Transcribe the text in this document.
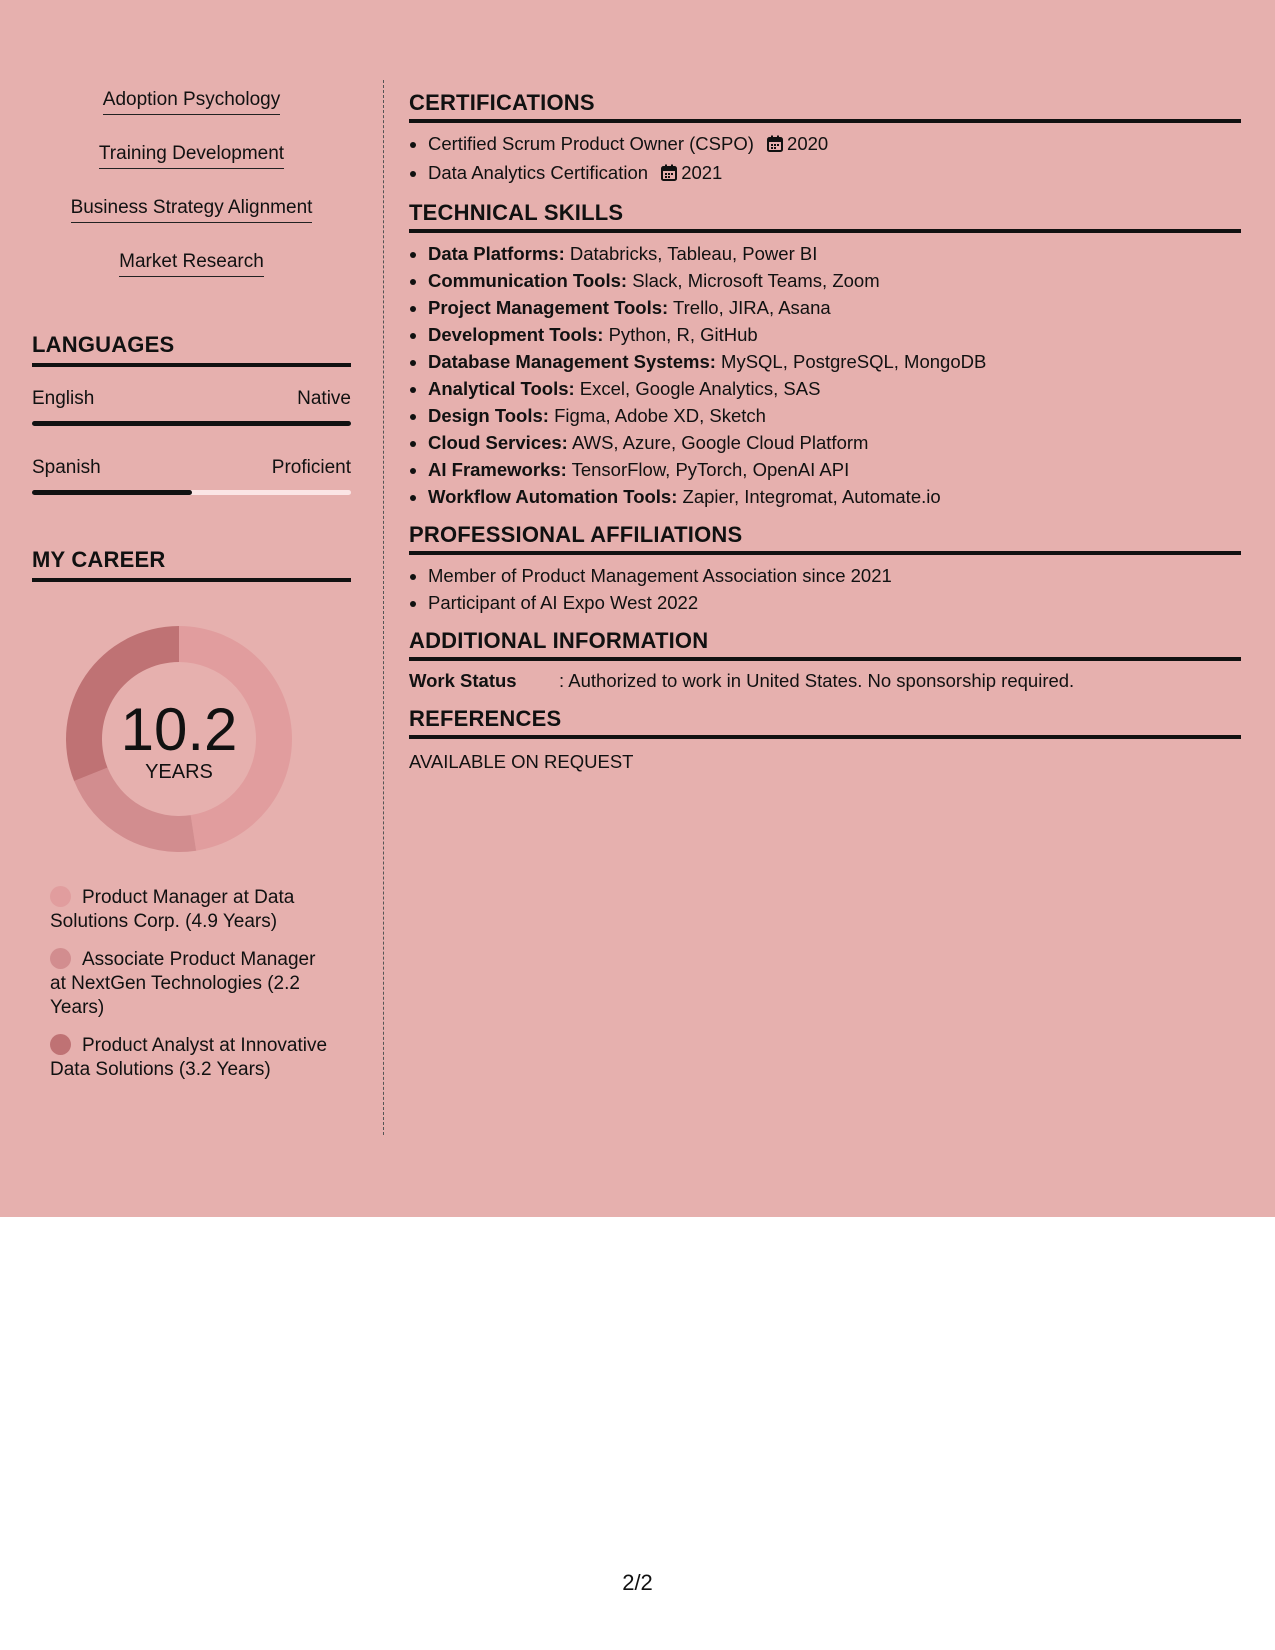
Adoption Psychology
Training Development
Business Strategy Alignment
Market Research
LANGUAGES
English	Native
Spanish	Proficient
MY CAREER
10.2
YEARS
Product Manager at Data Solutions Corp. (4.9 Years)
Associate Product Manager at NextGen Technologies (2.2 Years)
Product Analyst at Innovative Data Solutions (3.2 Years)
CERTIFICATIONS
• Certified Scrum Product Owner (CSPO) 2020
• Data Analytics Certification 2021
TECHNICAL SKILLS
• Data Platforms: Databricks, Tableau, Power BI
• Communication Tools: Slack, Microsoft Teams, Zoom
• Project Management Tools: Trello, JIRA, Asana
• Development Tools: Python, R, GitHub
• Database Management Systems: MySQL, PostgreSQL, MongoDB
• Analytical Tools: Excel, Google Analytics, SAS
• Design Tools: Figma, Adobe XD, Sketch
• Cloud Services: AWS, Azure, Google Cloud Platform
• AI Frameworks: TensorFlow, PyTorch, OpenAI API
• Workflow Automation Tools: Zapier, Integromat, Automate.io
PROFESSIONAL AFFILIATIONS
• Member of Product Management Association since 2021
• Participant of AI Expo West 2022
ADDITIONAL INFORMATION
Work Status : Authorized to work in United States. No sponsorship required.
REFERENCES
AVAILABLE ON REQUEST
2/2
